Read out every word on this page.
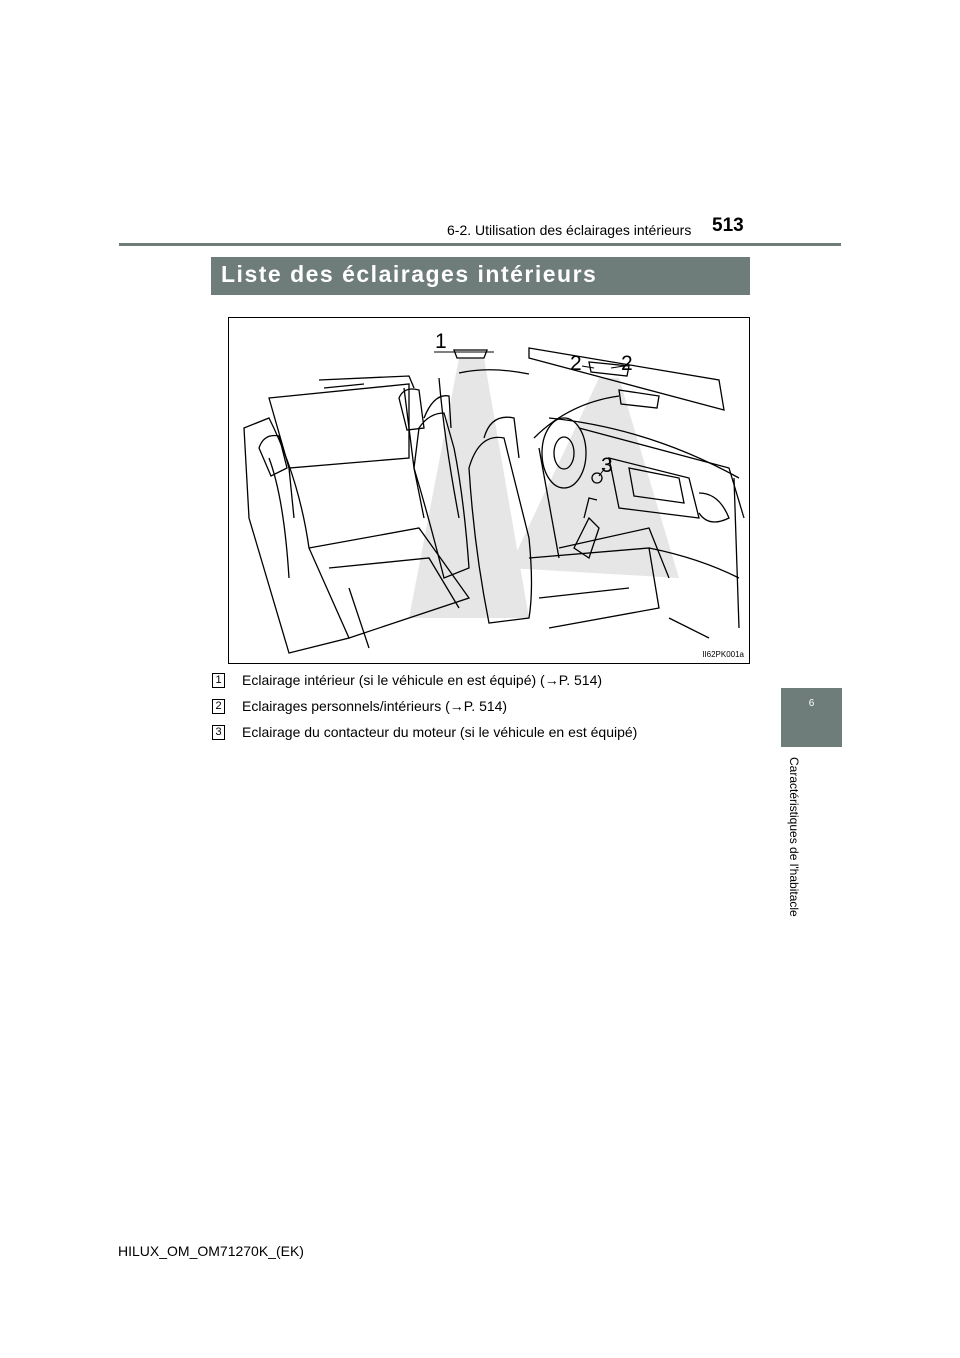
6-2. Utilisation des éclairages intérieurs 513
Liste des éclairages intérieurs
1
2 2
3
II62PK001a
1 Eclairage intérieur (si le véhicule en est équipé) (→P. 514)
2 Eclairages personnels/intérieurs (→P. 514)
3 Eclairage du contacteur du moteur (si le véhicule en est équipé)
6
Caractéristiques de l'habitacle
HILUX_OM_OM71270K_(EK)
